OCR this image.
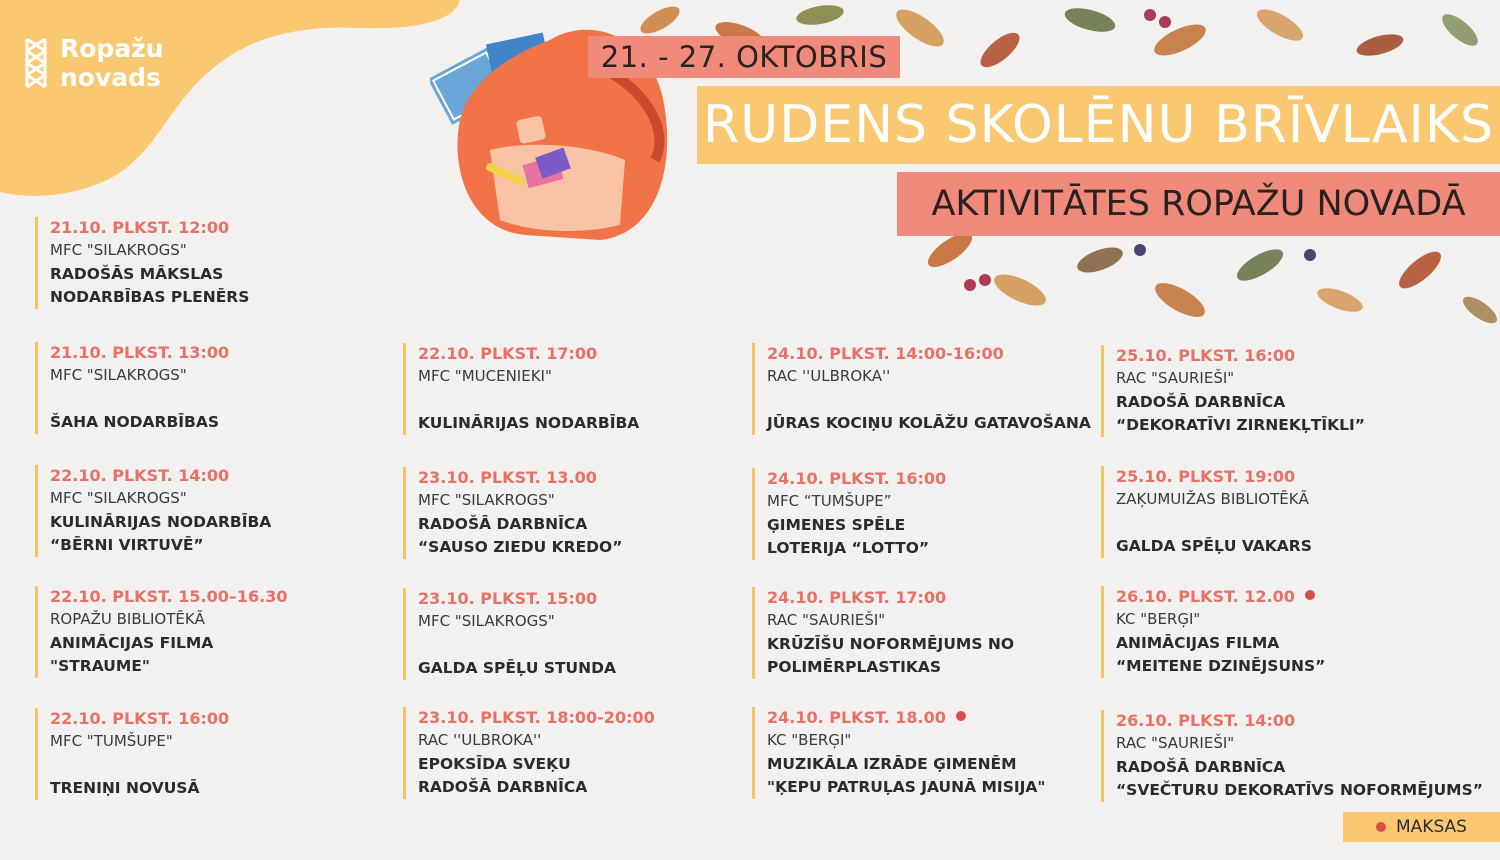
Ropažu
novads
21. - 27. OKTOBRIS
RUDENS SKOLĒNU BRĪVLAIKS
AKTIVITĀTES ROPAŽU NOVADĀ
21.10. PLKST. 12:00
MFC "SILAKROGS"
RADOŠĀS MĀKSLAS
NODARBĪBAS PLENĒRS
21.10. PLKST. 13:00
MFC "SILAKROGS"
ŠAHA NODARBĪBAS
22.10. PLKST. 14:00
MFC "SILAKROGS"
KULINĀRIJAS NODARBĪBA
“BĒRNI VIRTUVĒ”
22.10. PLKST. 15.00–16.30
ROPAŽU BIBLIOTĒKĀ
ANIMĀCIJAS FILMA
"STRAUME"
22.10. PLKST. 16:00
MFC "TUMŠUPE"
TRENIŅI NOVUSĀ
22.10. PLKST. 17:00
MFC "MUCENIEKI"
KULINĀRIJAS NODARBĪBA
23.10. PLKST. 13.00
MFC "SILAKROGS"
RADOŠĀ DARBNĪCA
“SAUSO ZIEDU KREDO”
23.10. PLKST. 15:00
MFC "SILAKROGS"
GALDA SPĒĻU STUNDA
23.10. PLKST. 18:00-20:00
RAC ''ULBROKA''
EPOKSĪDA SVEĶU
RADOŠĀ DARBNĪCA
24.10. PLKST. 14:00-16:00
RAC ''ULBROKA''
JŪRAS KOCIŅU KOLĀŽU GATAVOŠANA
24.10. PLKST. 16:00
MFC “TUMŠUPE”
ĢIMENES SPĒLE
LOTERIJA “LOTTO”
24.10. PLKST. 17:00
RAC "SAURIEŠI"
KRŪZĪŠU NOFORMĒJUMS NO
POLIMĒRPLASTIKAS
24.10. PLKST. 18.00
KC "BERĢI"
MUZIKĀLA IZRĀDE ĢIMENĒM
"ĶEPU PATRUĻAS JAUNĀ MISIJA"
25.10. PLKST. 16:00
RAC "SAURIEŠI"
RADOŠĀ DARBNĪCA
“DEKORATĪVI ZIRNEKĻTĪKLI”
25.10. PLKST. 19:00
ZAĶUMUIŽAS BIBLIOTĒKĀ
GALDA SPĒĻU VAKARS
26.10. PLKST. 12.00
KC "BERĢI"
ANIMĀCIJAS FILMA
“MEITENE DZINĒJSUNS”
26.10. PLKST. 14:00
RAC "SAURIEŠI"
RADOŠĀ DARBNĪCA
“SVEČTURU DEKORATĪVS NOFORMĒJUMS”
MAKSAS
